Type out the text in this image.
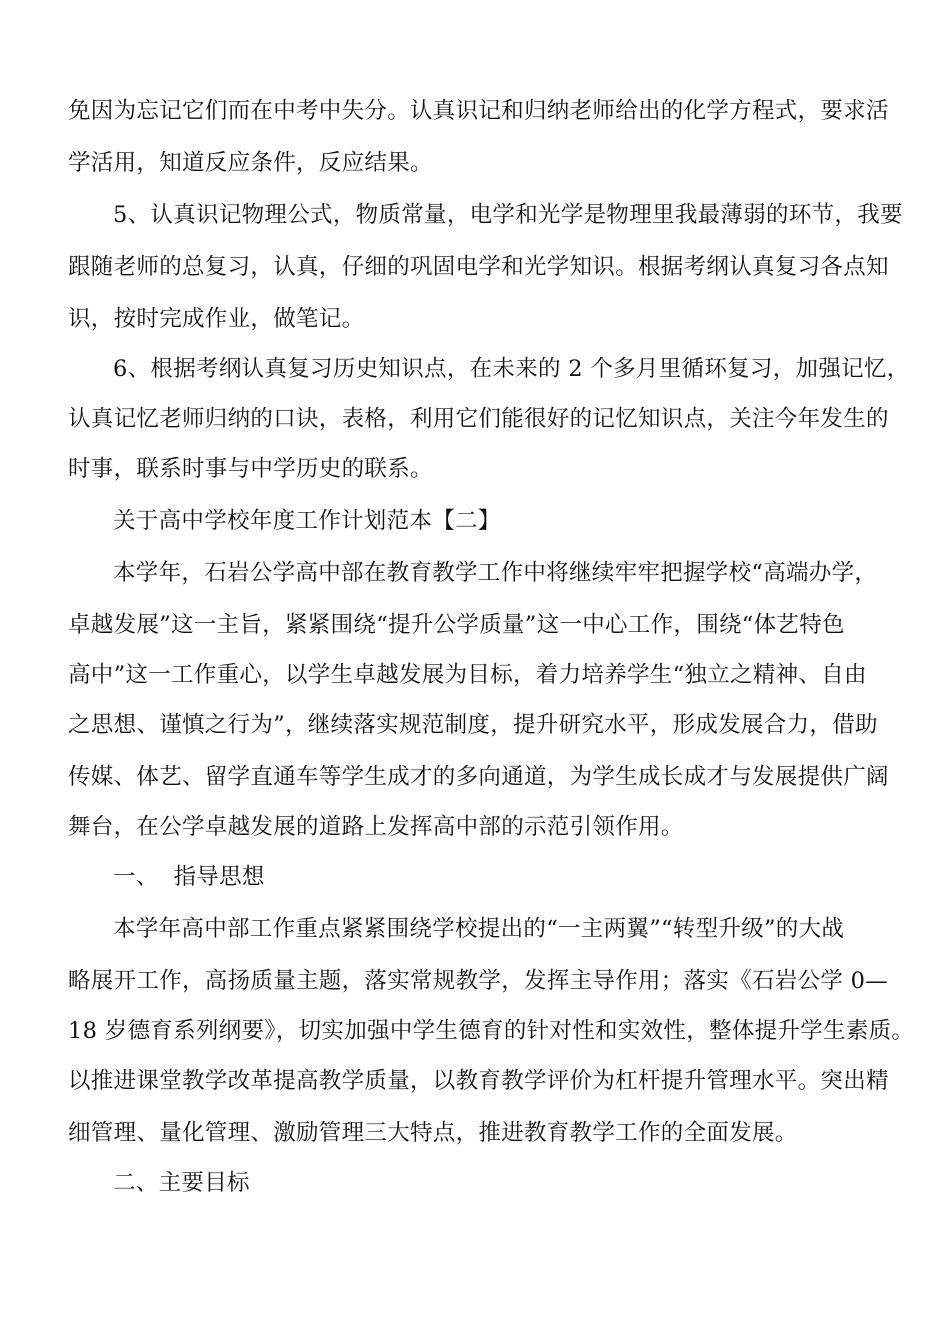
免因为忘记它们而在中考中失分。认真识记和归纳老师给出的化学方程式，要求活
学活用，知道反应条件，反应结果。
5、认真识记物理公式，物质常量，电学和光学是物理里我最薄弱的环节，我要
跟随老师的总复习，认真，仔细的巩固电学和光学知识。根据考纲认真复习各点知
识，按时完成作业，做笔记。
6、根据考纲认真复习历史知识点，在未来的 2 个多月里循环复习，加强记忆，
认真记忆老师归纳的口诀，表格，利用它们能很好的记忆知识点，关注今年发生的
时事，联系时事与中学历史的联系。
关于高中学校年度工作计划范本【二】
本学年，石岩公学高中部在教育教学工作中将继续牢牢把握学校“高端办学，
卓越发展”这一主旨，紧紧围绕“提升公学质量”这一中心工作，围绕“体艺特色
高中”这一工作重心，以学生卓越发展为目标，着力培养学生“独立之精神、自由
之思想、谨慎之行为”，继续落实规范制度，提升研究水平，形成发展合力，借助
传媒、体艺、留学直通车等学生成才的多向通道，为学生成长成才与发展提供广阔
舞台，在公学卓越发展的道路上发挥高中部的示范引领作用。
一、  指导思想
本学年高中部工作重点紧紧围绕学校提出的“一主两翼”“转型升级”的大战
略展开工作，高扬质量主题，落实常规教学，发挥主导作用；落实《石岩公学 0—
18 岁德育系列纲要》，切实加强中学生德育的针对性和实效性，整体提升学生素质。
以推进课堂教学改革提高教学质量，以教育教学评价为杠杆提升管理水平。突出精
细管理、量化管理、激励管理三大特点，推进教育教学工作的全面发展。
二、主要目标
